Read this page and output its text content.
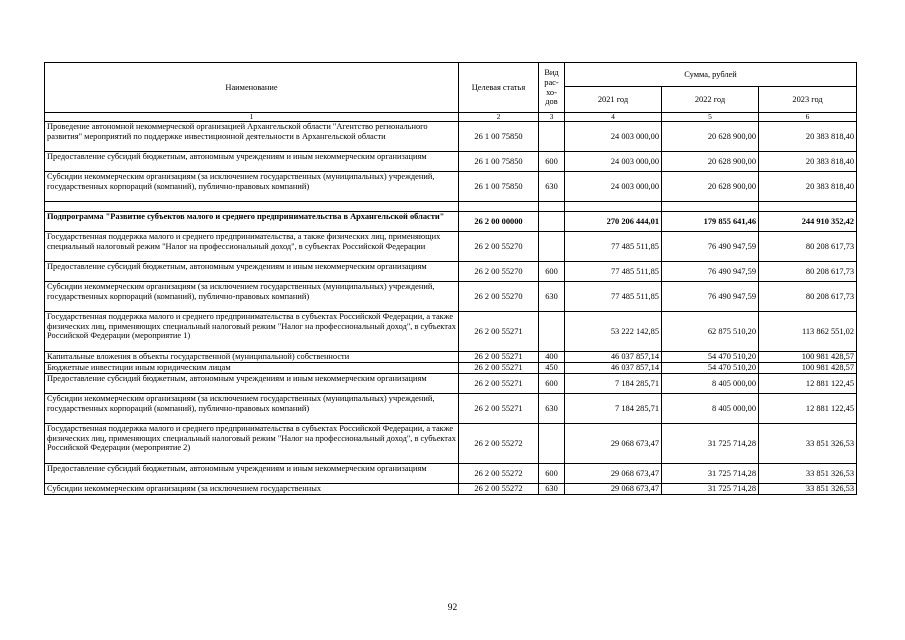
Наименование	Целевая статья	Вид рас-хо-дов	Сумма, рублей		
			2021 год	2022 год	2023 год
1	2	3	4	5	6
Проведение автономной некоммерческой организацией Архангельской области "Агентство регионального развития" мероприятий по поддержке инвестиционной деятельности в Архангельской области	26 1 00 75850		24 003 000,00	20 628 900,00	20 383 818,40
Предоставление субсидий бюджетным, автономным учреждениям и иным некоммерческим организациям	26 1 00 75850	600	24 003 000,00	20 628 900,00	20 383 818,40
Субсидии некоммерческим организациям (за исключением государственных (муниципальных) учреждений, государственных корпораций (компаний), публично-правовых компаний)	26 1 00 75850	630	24 003 000,00	20 628 900,00	20 383 818,40

Подпрограмма "Развитие субъектов малого и среднего предпринимательства в Архангельской области"	26 2 00 00000		270 206 444,01	179 855 641,46	244 910 352,42
Государственная поддержка малого и среднего предпринимательства, а также физических лиц, применяющих специальный налоговый режим "Налог на профессиональный доход", в субъектах Российской Федерации	26 2 00 55270		77 485 511,85	76 490 947,59	80 208 617,73
Предоставление субсидий бюджетным, автономным учреждениям и иным некоммерческим организациям	26 2 00 55270	600	77 485 511,85	76 490 947,59	80 208 617,73
Субсидии некоммерческим организациям (за исключением государственных (муниципальных) учреждений, государственных корпораций (компаний), публично-правовых компаний)	26 2 00 55270	630	77 485 511,85	76 490 947,59	80 208 617,73
Государственная поддержка малого и среднего предпринимательства в субъектах Российской Федерации, а также физических лиц, применяющих специальный налоговый режим "Налог на профессиональный доход", в субъектах Российской Федерации (мероприятие 1)	26 2 00 55271		53 222 142,85	62 875 510,20	113 862 551,02
Капитальные вложения в объекты государственной (муниципальной) собственности	26 2 00 55271	400	46 037 857,14	54 470 510,20	100 981 428,57
Бюджетные инвестиции иным юридическим лицам	26 2 00 55271	450	46 037 857,14	54 470 510,20	100 981 428,57
Предоставление субсидий бюджетным, автономным учреждениям и иным некоммерческим организациям	26 2 00 55271	600	7 184 285,71	8 405 000,00	12 881 122,45
Субсидии некоммерческим организациям (за исключением государственных (муниципальных) учреждений, государственных корпораций (компаний), публично-правовых компаний)	26 2 00 55271	630	7 184 285,71	8 405 000,00	12 881 122,45
Государственная поддержка малого и среднего предпринимательства в субъектах Российской Федерации, а также физических лиц, применяющих специальный налоговый режим "Налог на профессиональный доход", в субъектах Российской Федерации (мероприятие 2)	26 2 00 55272		29 068 673,47	31 725 714,28	33 851 326,53
Предоставление субсидий бюджетным, автономным учреждениям и иным некоммерческим организациям	26 2 00 55272	600	29 068 673,47	31 725 714,28	33 851 326,53
Субсидии некоммерческим организациям (за исключением государственных	26 2 00 55272	630	29 068 673,47	31 725 714,28	33 851 326,53
92
